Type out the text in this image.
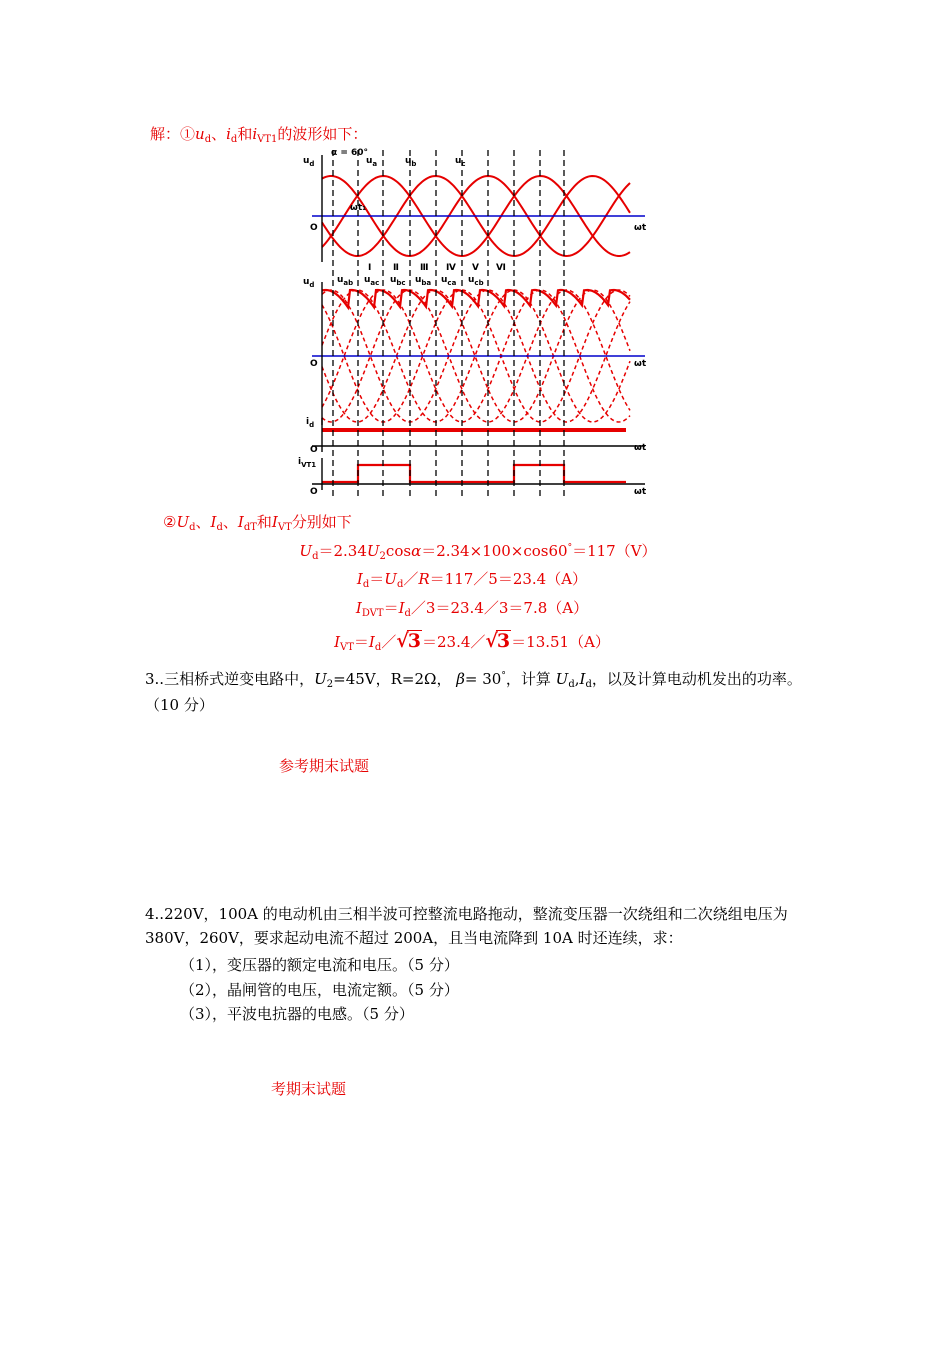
解：$①u_d$、$i_d$和$i_{VT1}$的波形如下：
α = 60°
$u_d$	$u_a$	$u_b$	$u_c$
ωt₁
O	ωt
$u_d$
Ⅰ Ⅱ Ⅲ Ⅳ Ⅴ Ⅵ
$u_{ab}$ $u_{ac}$ $u_{bc}$ $u_{ba}$ $u_{ca}$ $u_{cb}$
O	ωt
$i_d$
O	ωt
$i_{VT1}$
O	ωt
$②U_d$、$I_d$、$I_{dT}$和$I_{VT}$分别如下
$U_d=2.34U_2\cos\alpha=2.34\times 100\times\cos 60^\circ=117(V)$
$I_d=U_d/R=117/5=23.4(A)$
$I_{DVT}=I_d/3=23.4/3=7.8(A)$
$I_{VT}=I_d/√3=23.4/√3=13.51(A)$
3..三相桥式逆变电路中，$U_2=45V$，R=2Ω， β= 30°，计算 $U_d,I_d$，以及计算电动机发出的功率。（10 分）
参考期末试题
4..220V，100A 的电动机由三相半波可控整流电路拖动，整流变压器一次绕组和二次绕组电压为 380V，260V，要求起动电流不超过 200A，且当电流降到 10A 时还连续，求：
（1），变压器的额定电流和电压。（5 分）
（2），晶闸管的电压，电流定额。（5 分）
（3），平波电抗器的电感。（5 分）
考期末试题
